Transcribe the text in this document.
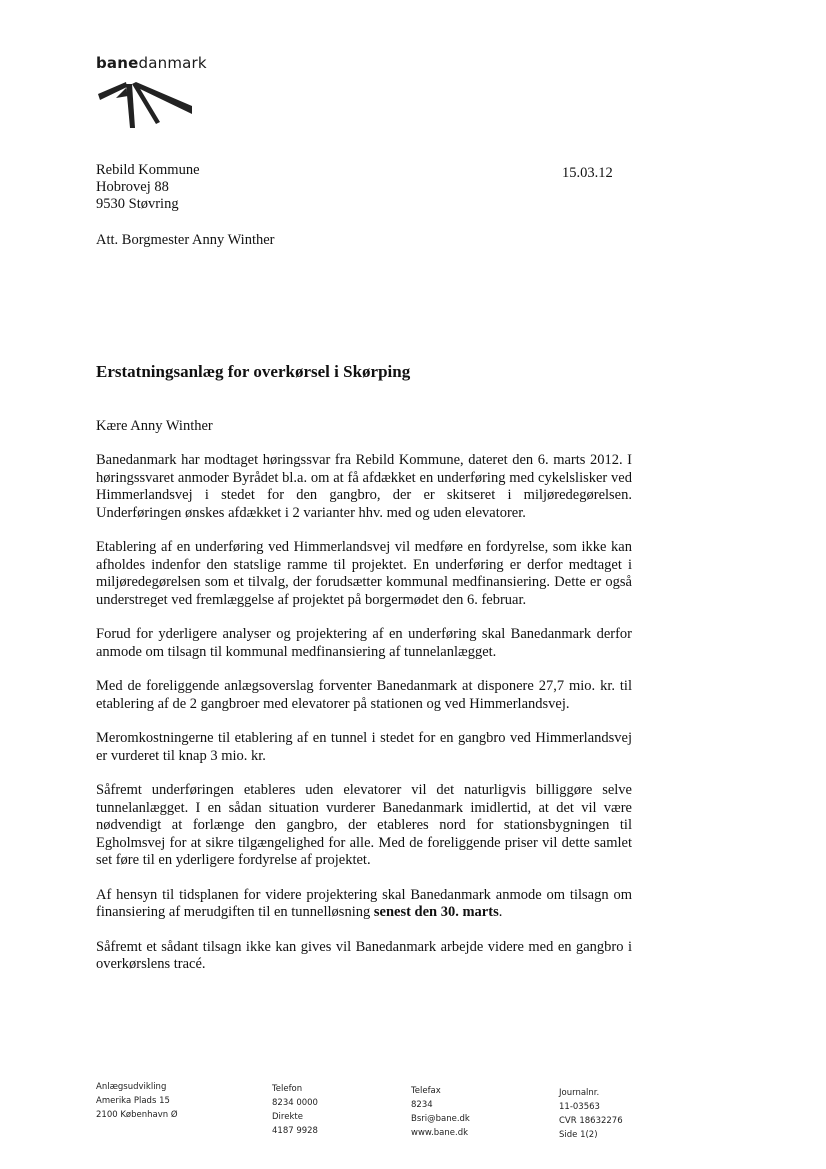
banedanmark
Rebild Kommune
Hobrovej 88
9530 Støvring
15.03.12
Att. Borgmester Anny Winther
Erstatningsanlæg for overkørsel i Skørping
Kære Anny Winther

Banedanmark har modtaget høringssvar fra Rebild Kommune, dateret den 6. marts 2012. I høringssvaret anmoder Byrådet bl.a. om at få afdækket en underføring med cykelslisker ved Himmerlandsvej i stedet for den gangbro, der er skitseret i miljøredegørelsen. Underføringen ønskes afdækket i 2 varianter hhv. med og uden elevatorer.

Etablering af en underføring ved Himmerlandsvej vil medføre en fordyrelse, som ikke kan afholdes indenfor den statslige ramme til projektet. En underføring er derfor medtaget i miljøredegørelsen som et tilvalg, der forudsætter kommunal medfinansiering. Dette er også understreget ved fremlæggelse af projektet på borgermødet den 6. februar.

Forud for yderligere analyser og projektering af en underføring skal Banedanmark derfor anmode om tilsagn til kommunal medfinansiering af tunnelanlægget.

Med de foreliggende anlægsoverslag forventer Banedanmark at disponere 27,7 mio. kr. til etablering af de 2 gangbroer med elevatorer på stationen og ved Himmerlandsvej.

Meromkostningerne til etablering af en tunnel i stedet for en gangbro ved Himmerlandsvej er vurderet til knap 3 mio. kr.

Såfremt underføringen etableres uden elevatorer vil det naturligvis billiggøre selve tunnelanlægget. I en sådan situation vurderer Banedanmark imidlertid, at det vil være nødvendigt at forlænge den gangbro, der etableres nord for stationsbygningen til Egholmsvej for at sikre tilgængelighed for alle. Med de foreliggende priser vil dette samlet set føre til en yderligere fordyrelse af projektet.

Af hensyn til tidsplanen for videre projektering skal Banedanmark anmode om tilsagn om finansiering af merudgiften til en tunnelløsning senest den 30. marts.

Såfremt et sådant tilsagn ikke kan gives vil Banedanmark arbejde videre med en gangbro i overkørslens tracé.

Anlægsudvikling
Amerika Plads 15
2100 København Ø
Telefon
8234 0000
Direkte
4187 9928
Telefax
8234
Bsri@bane.dk
www.bane.dk
Journalnr.
11-03563
CVR 18632276
Side 1(2)
